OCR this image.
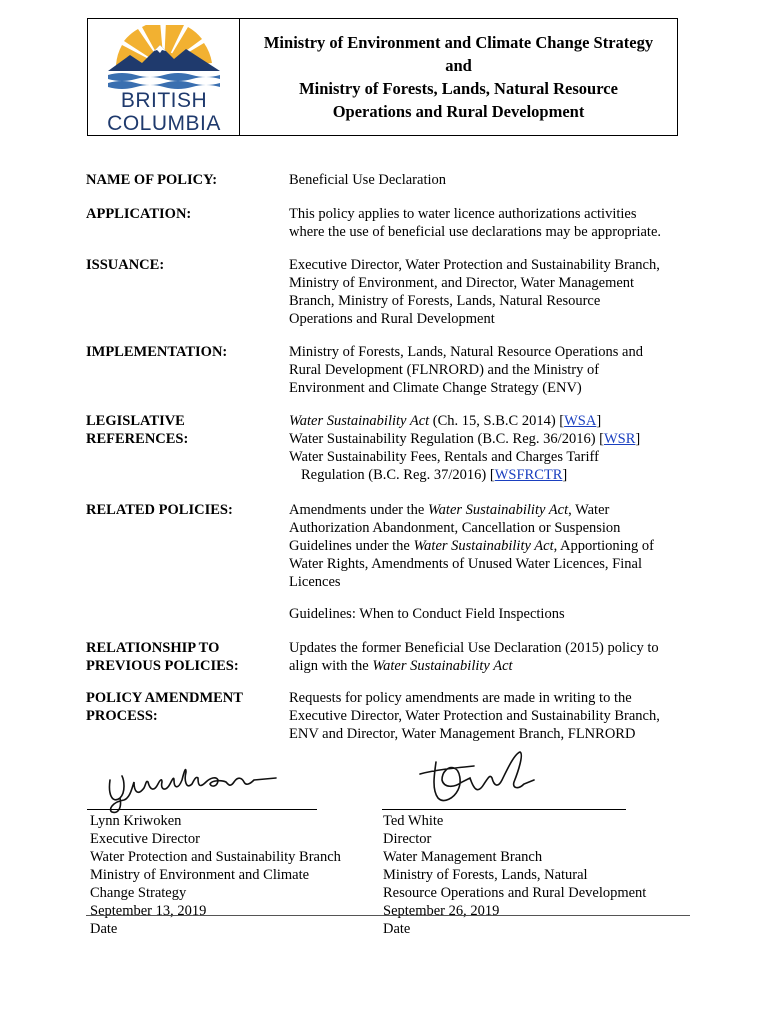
BRITISH
COLUMBIA
Ministry of Environment and Climate Change Strategy
and
Ministry of Forests, Lands, Natural Resource
Operations and Rural Development
NAME OF POLICY:	Beneficial Use Declaration
APPLICATION:	This policy applies to water licence authorizations activities
where the use of beneficial use declarations may be appropriate.
ISSUANCE:	Executive Director, Water Protection and Sustainability Branch,
Ministry of Environment, and Director, Water Management
Branch, Ministry of Forests, Lands, Natural Resource
Operations and Rural Development
IMPLEMENTATION:	Ministry of Forests, Lands, Natural Resource Operations and
Rural Development (FLNRORD) and the Ministry of
Environment and Climate Change Strategy (ENV)
LEGISLATIVE
REFERENCES:
Water Sustainability Act (Ch. 15, S.B.C 2014) [WSA]
Water Sustainability Regulation (B.C. Reg. 36/2016) [WSR]
Water Sustainability Fees, Rentals and Charges Tariff
Regulation (B.C. Reg. 37/2016) [WSFRCTR]
RELATED POLICIES:	Amendments under the Water Sustainability Act, Water
Authorization Abandonment, Cancellation or Suspension
Guidelines under the Water Sustainability Act, Apportioning of
Water Rights, Amendments of Unused Water Licences, Final
Licences
Guidelines: When to Conduct Field Inspections
RELATIONSHIP TO
PREVIOUS POLICIES:
Updates the former Beneficial Use Declaration (2015) policy to
align with the Water Sustainability Act
POLICY AMENDMENT
PROCESS:
Requests for policy amendments are made in writing to the
Executive Director, Water Protection and Sustainability Branch,
ENV and Director, Water Management Branch, FLNRORD
Lynn Kriwoken
Executive Director
Water Protection and Sustainability Branch
Ministry of Environment and Climate
Change Strategy
September 13, 2019
Date
Ted White
Director
Water Management Branch
Ministry of Forests, Lands, Natural
Resource Operations and Rural Development
September 26, 2019
Date
